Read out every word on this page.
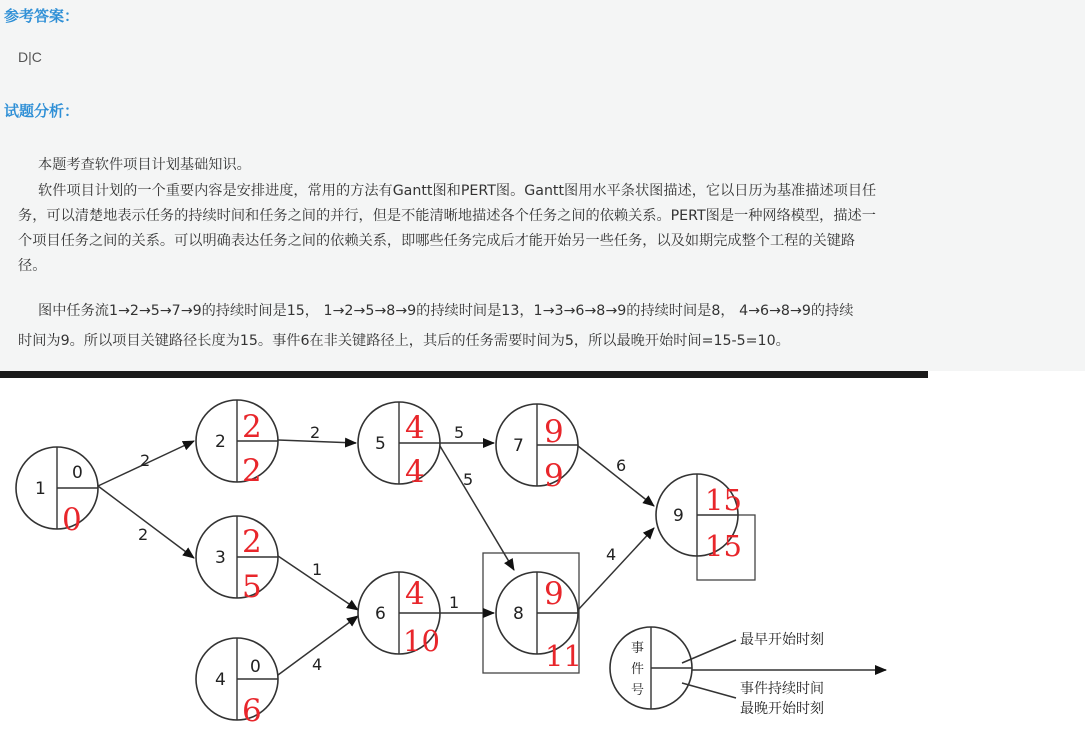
参考答案：
D|C
试题分析：
本题考查软件项目计划基础知识。
软件项目计划的一个重要内容是安排进度，常用的方法有Gantt图和PERT图。Gantt图用水平条状图描述，它以日历为基准描述项目任
务，可以清楚地表示任务的持续时间和任务之间的并行，但是不能清晰地描述各个任务之间的依赖关系。PERT图是一种网络模型，描述一
个项目任务之间的关系。可以明确表达任务之间的依赖关系，即哪些任务完成后才能开始另一些任务，以及如期完成整个工程的关键路
径。
图中任务流1→2→5→7→9的持续时间是15， 1→2→5→8→9的持续时间是13，1→3→6→8→9的持续时间是8， 4→6→8→9的持续
时间为9。所以项目关键路径长度为15。事件6在非关键路径上，其后的任务需要时间为5，所以最晚开始时间=15-5=10。
2
2
2
1
4
5
5
1
6
4
1
0
0
2 2
2
3 2
5
4
0
6
5 4
4
6
4
10
7 9
9
8
9
11
9 15
15
事
件
号
最早开始时刻
事件持续时间
最晚开始时刻
